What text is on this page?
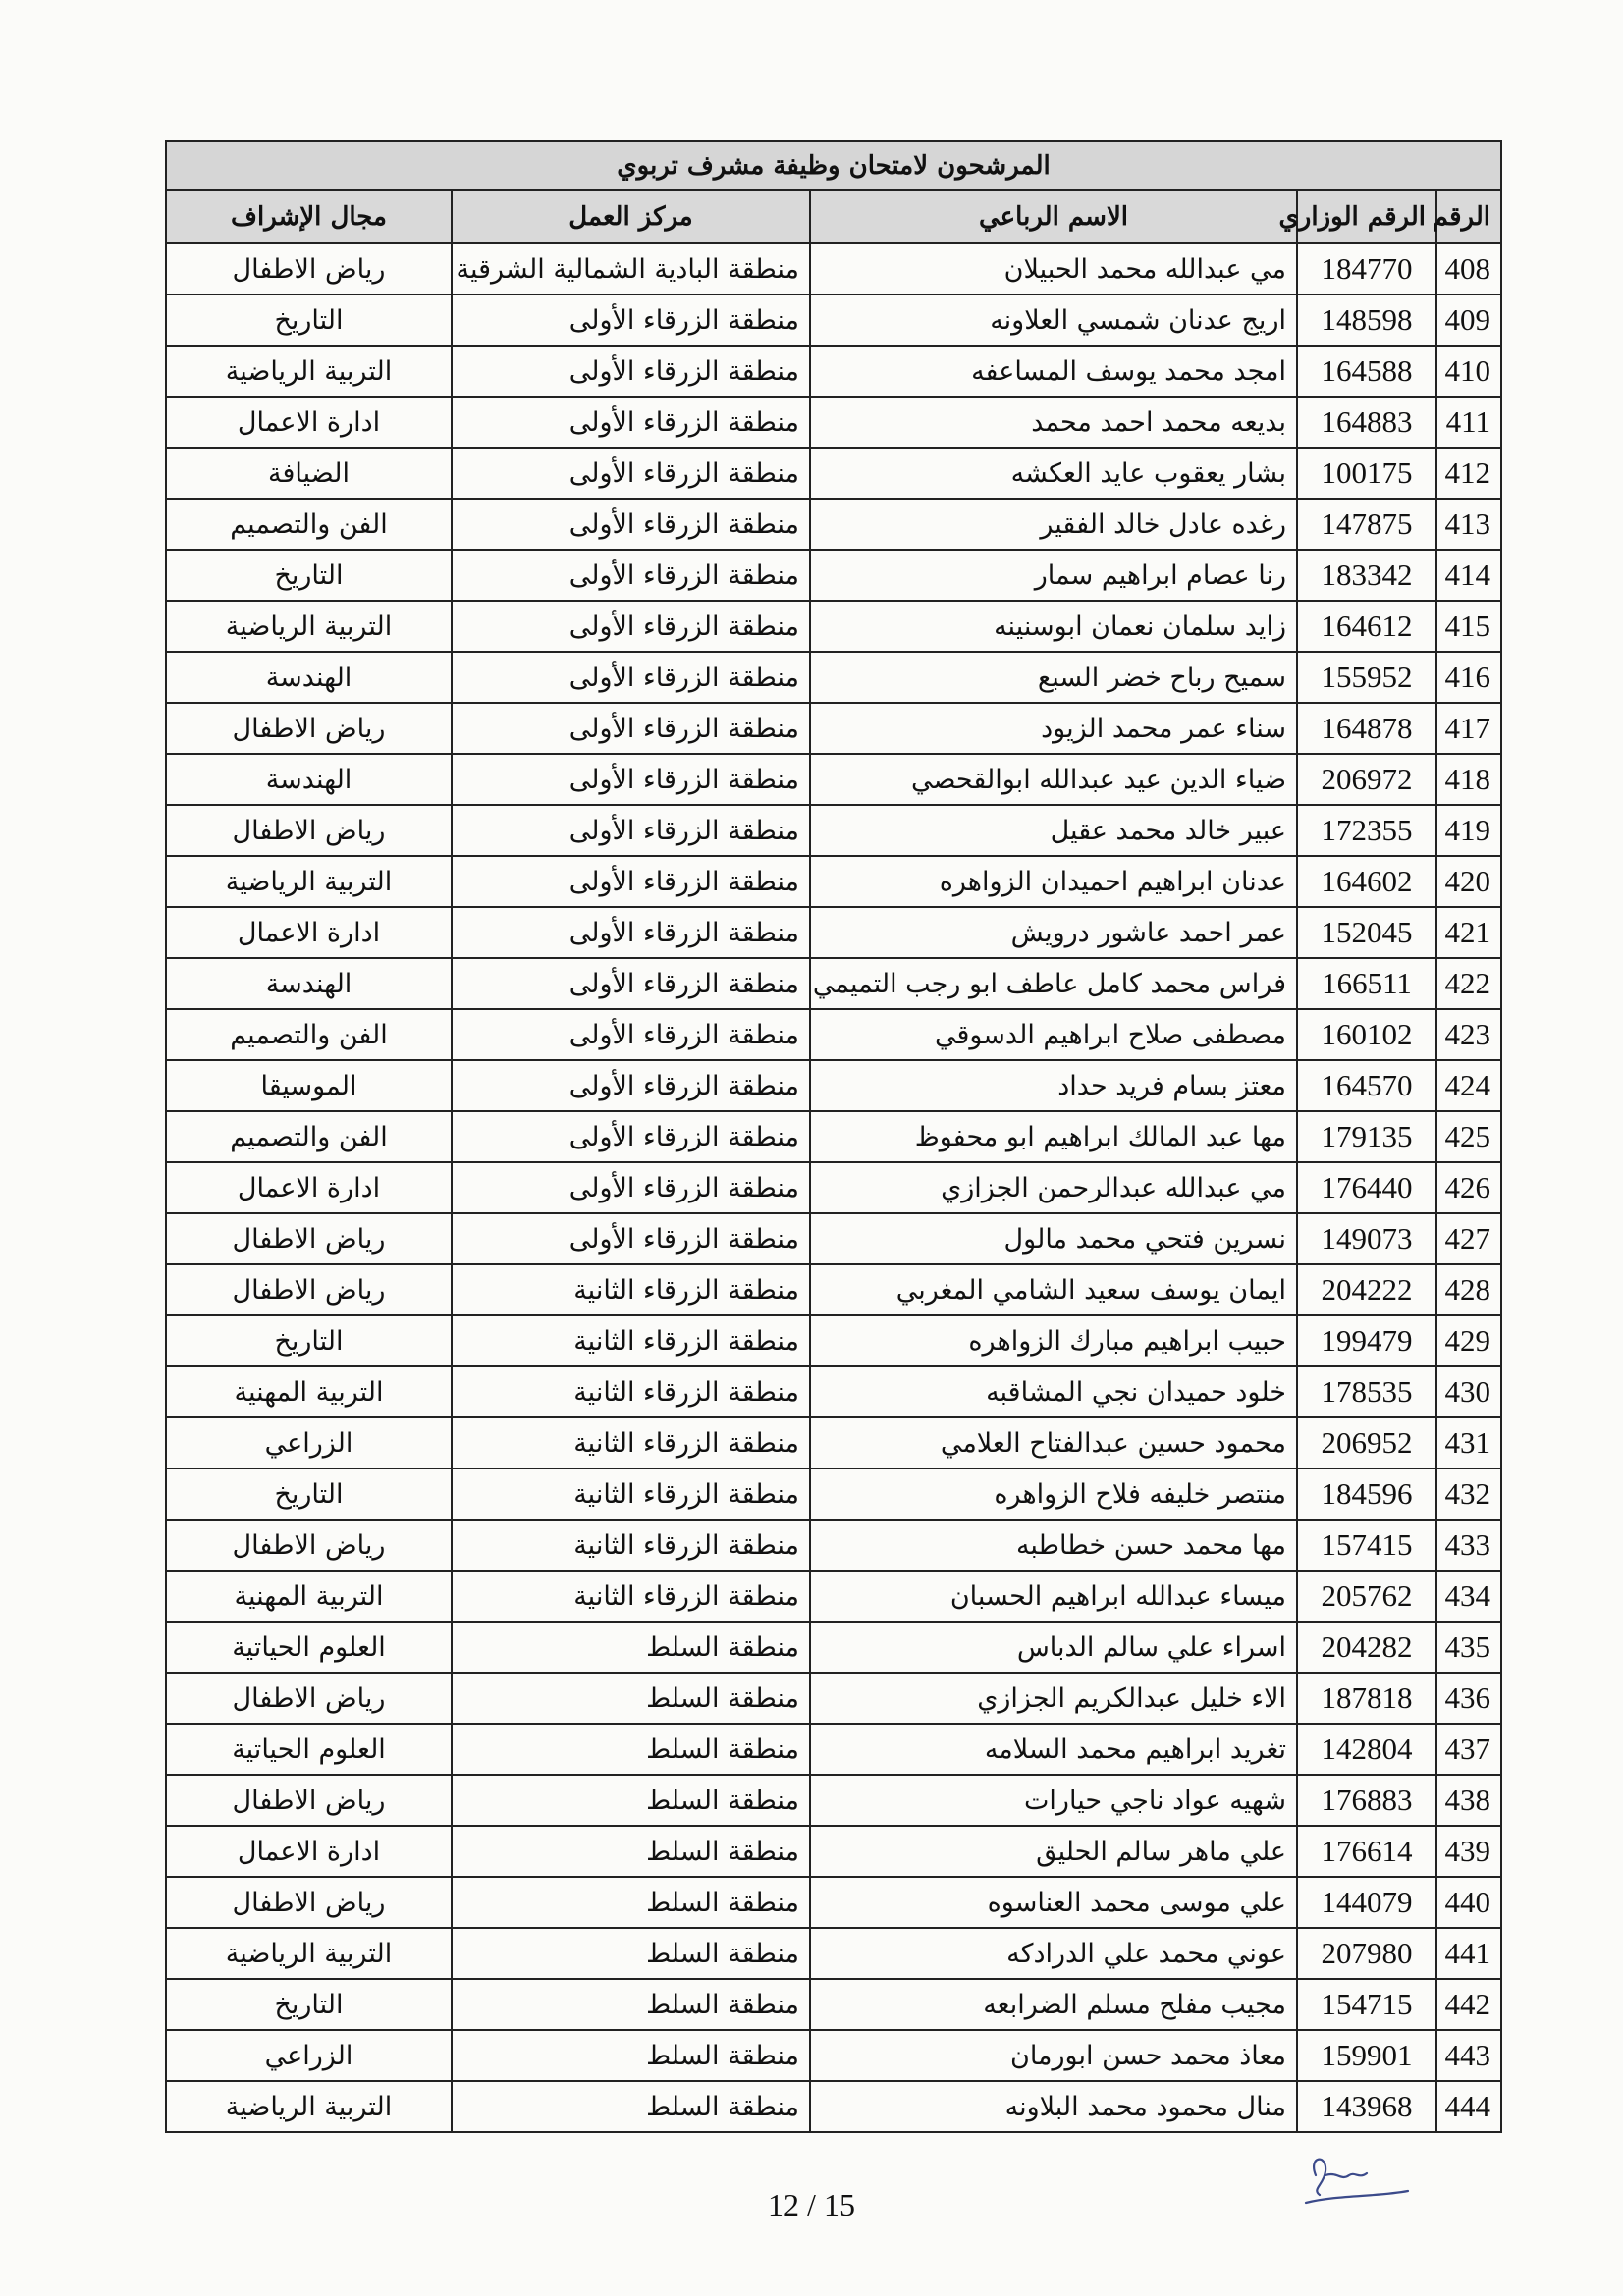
المرشحون لامتحان وظيفة مشرف تربوي				
الرقم	الرقم الوزاري	الاسم الرباعي	مركز العمل	مجال الإشراف
408	184770	مي عبدالله محمد الحبيلان	منطقة البادية الشمالية الشرقية	رياض الاطفال
409	148598	اريج عدنان شمسي العلاونه	منطقة الزرقاء الأولى	التاريخ
410	164588	امجد محمد يوسف المساعفه	منطقة الزرقاء الأولى	التربية الرياضية
411	164883	بديعه محمد احمد محمد	منطقة الزرقاء الأولى	ادارة الاعمال
412	100175	بشار يعقوب عايد العكشه	منطقة الزرقاء الأولى	الضيافة
413	147875	رغده عادل خالد الفقير	منطقة الزرقاء الأولى	الفن والتصميم
414	183342	رنا عصام ابراهيم سمار	منطقة الزرقاء الأولى	التاريخ
415	164612	زايد سلمان نعمان ابوسنينه	منطقة الزرقاء الأولى	التربية الرياضية
416	155952	سميح رباح خضر السبع	منطقة الزرقاء الأولى	الهندسة
417	164878	سناء عمر محمد الزيود	منطقة الزرقاء الأولى	رياض الاطفال
418	206972	ضياء الدين عيد عبدالله ابوالقحصي	منطقة الزرقاء الأولى	الهندسة
419	172355	عبير خالد محمد عقيل	منطقة الزرقاء الأولى	رياض الاطفال
420	164602	عدنان ابراهيم احميدان الزواهره	منطقة الزرقاء الأولى	التربية الرياضية
421	152045	عمر احمد عاشور درويش	منطقة الزرقاء الأولى	ادارة الاعمال
422	166511	فراس محمد كامل عاطف ابو رجب التميمي	منطقة الزرقاء الأولى	الهندسة
423	160102	مصطفى صلاح ابراهيم الدسوقي	منطقة الزرقاء الأولى	الفن والتصميم
424	164570	معتز بسام فريد حداد	منطقة الزرقاء الأولى	الموسيقا
425	179135	مها عبد المالك ابراهيم ابو محفوظ	منطقة الزرقاء الأولى	الفن والتصميم
426	176440	مي عبدالله عبدالرحمن الجزازي	منطقة الزرقاء الأولى	ادارة الاعمال
427	149073	نسرين فتحي محمد مالول	منطقة الزرقاء الأولى	رياض الاطفال
428	204222	ايمان يوسف سعيد الشامي المغربي	منطقة الزرقاء الثانية	رياض الاطفال
429	199479	حبيب ابراهيم مبارك الزواهره	منطقة الزرقاء الثانية	التاريخ
430	178535	خلود حميدان نجي المشاقبه	منطقة الزرقاء الثانية	التربية المهنية
431	206952	محمود حسين عبدالفتاح العلامي	منطقة الزرقاء الثانية	الزراعي
432	184596	منتصر خليفه فلاح الزواهره	منطقة الزرقاء الثانية	التاريخ
433	157415	مها محمد حسن خطاطبه	منطقة الزرقاء الثانية	رياض الاطفال
434	205762	ميساء عبدالله ابراهيم الحسبان	منطقة الزرقاء الثانية	التربية المهنية
435	204282	اسراء علي سالم الدباس	منطقة السلط	العلوم الحياتية
436	187818	الاء خليل عبدالكريم الجزازي	منطقة السلط	رياض الاطفال
437	142804	تغريد ابراهيم محمد السلامه	منطقة السلط	العلوم الحياتية
438	176883	شهيه عواد ناجي حيارات	منطقة السلط	رياض الاطفال
439	176614	علي ماهر سالم الحليق	منطقة السلط	ادارة الاعمال
440	144079	علي موسى محمد العناسوه	منطقة السلط	رياض الاطفال
441	207980	عوني محمد علي الدرادكه	منطقة السلط	التربية الرياضية
442	154715	مجيب مفلح مسلم الضرابعه	منطقة السلط	التاريخ
443	159901	معاذ محمد حسن ابورمان	منطقة السلط	الزراعي
444	143968	منال محمود محمد البلاونه	منطقة السلط	التربية الرياضية
12 / 15
